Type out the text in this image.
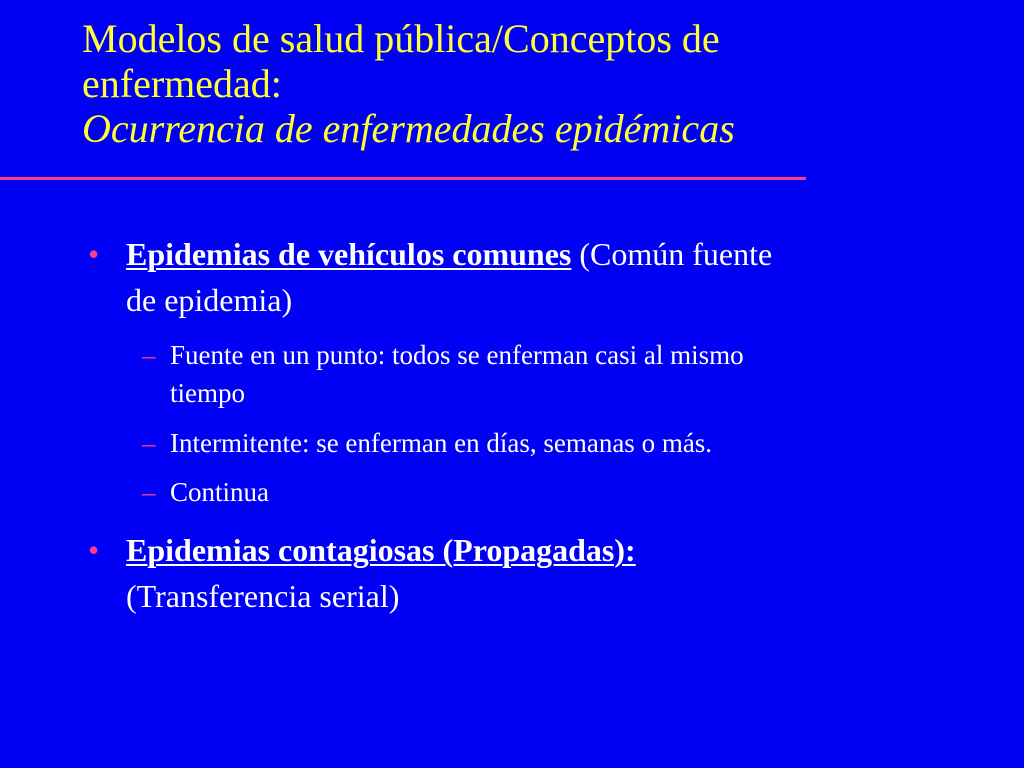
Modelos de salud pública/Conceptos de
enfermedad:
Ocurrencia de enfermedades epidémicas
• Epidemias de vehículos comunes (Común fuente
de epidemia)
– Fuente en un punto: todos se enferman casi al mismo
tiempo
– Intermitente: se enferman en días, semanas o más.
– Continua
• Epidemias contagiosas (Propagadas):
(Transferencia serial)
